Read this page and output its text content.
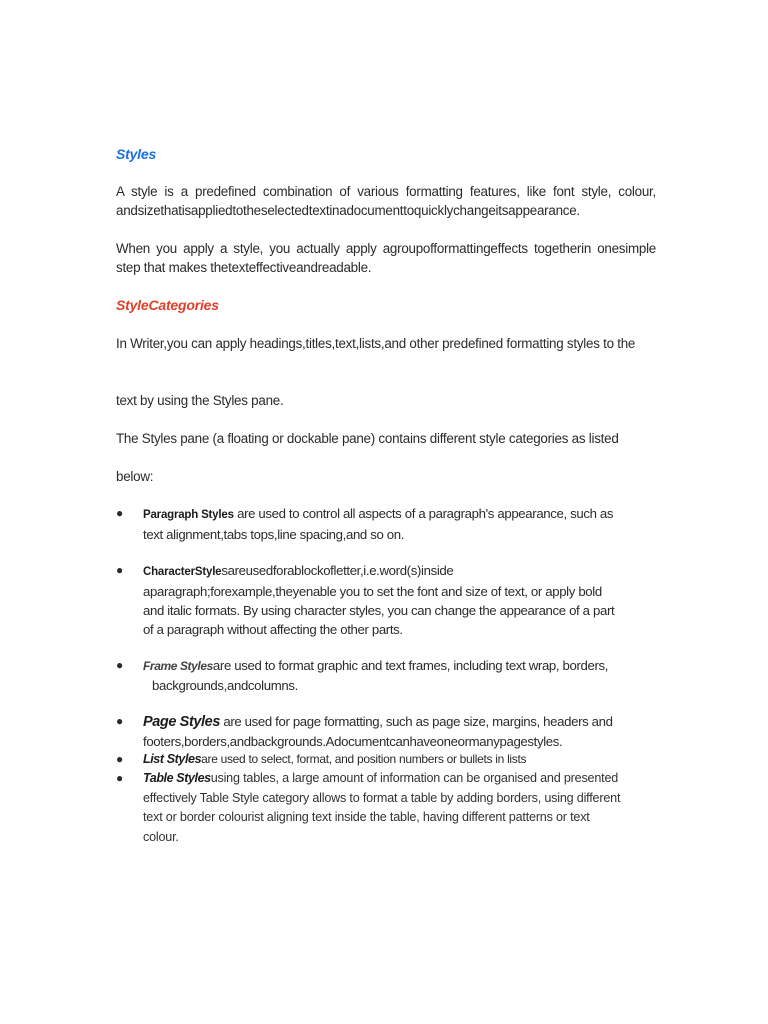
Styles
A style is a predefined combination of various formatting features, like font style, colour, andsizethatisappliedtotheselectedtextinadocumenttoquicklychangeitsappearance.
When you apply a style, you actually apply agroupofformattingeffects togetherin onesimple step that makes thetexteffectiveandreadable.
StyleCategories
In Writer,you can apply headings,titles,text,lists,and other predefined formatting styles to the
text by using the Styles pane.
The Styles pane (a floating or dockable pane) contains different style categories as listed
below:
● Paragraph Styles are used to control all aspects of a paragraph's appearance, such as
text alignment,tabs tops,line spacing,and so on.
● CharacterStylesareusedforablockofletter,i.e.word(s)inside
aparagraph;forexample,theyenable you to set the font and size of text, or apply bold
and italic formats. By using character styles, you can change the appearance of a part
of a paragraph without affecting the other parts.
● Frame Stylesare used to format graphic and text frames, including text wrap, borders,
backgrounds,andcolumns.
● Page Styles are used for page formatting, such as page size, margins, headers and
footers,borders,andbackgrounds.Adocumentcanhaveoneormanypagestyles.
● List Stylesare used to select, format, and position numbers or bullets in lists
● Table Stylesusing tables, a large amount of information can be organised and presented
effectively Table Style category allows to format a table by adding borders, using different
text or border colourist aligning text inside the table, having different patterns or text
colour.
